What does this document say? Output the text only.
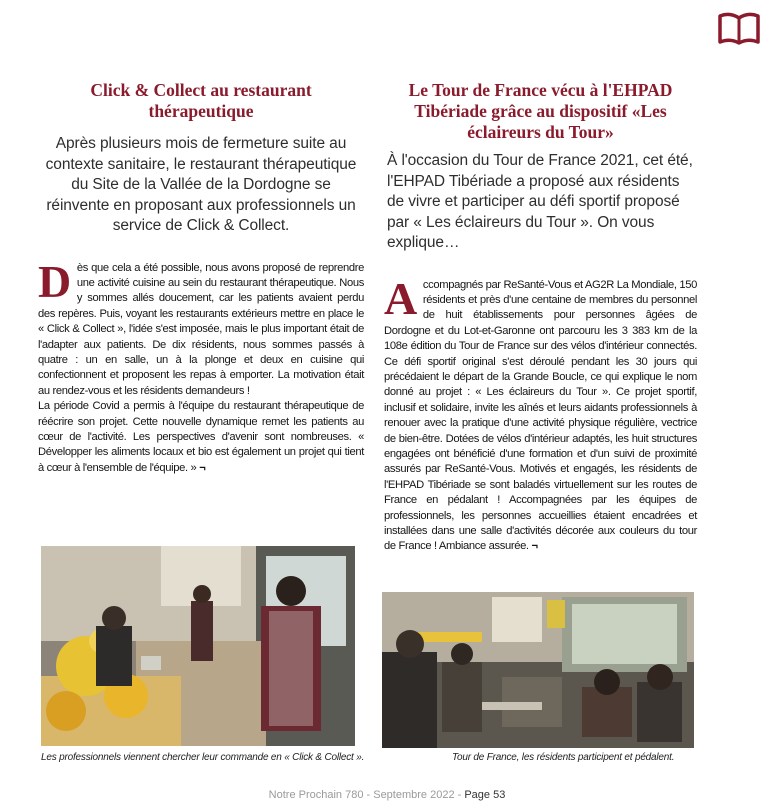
Click & Collect au restaurant thérapeutique

Après plusieurs mois de fermeture suite au contexte sanitaire, le restaurant thérapeutique du Site de la Vallée de la Dordogne se réinvente en proposant aux professionnels un service de Click & Collect.

D ès que cela a été possible, nous avons proposé de reprendre une activité cuisine au sein du restaurant thérapeutique. Nous y sommes allés doucement, car les patients avaient perdu des repères. Puis, voyant les restaurants extérieurs mettre en place le « Click & Collect », l'idée s'est imposée, mais le plus important était de l'adapter aux patients. De dix résidents, nous sommes passés à quatre : un en salle, un à la plonge et deux en cuisine qui confectionnent et proposent les repas à emporter. La motivation était au rendez-vous et les résidents demandeurs !

La période Covid a permis à l'équipe du restaurant thérapeutique de réécrire son projet. Cette nouvelle dynamique remet les patients au cœur de l'activité. Les perspectives d'avenir sont nombreuses. « Développer les aliments locaux et bio est également un projet qui tient à cœur à l'ensemble de l'équipe. » ¬

Les professionnels viennent chercher leur commande en « Click & Collect ».
Le Tour de France vécu à l'EHPAD Tibériade grâce au dispositif «Les éclaireurs du Tour»

À l'occasion du Tour de France 2021, cet été, l'EHPAD Tibériade a proposé aux résidents de vivre et participer au défi sportif proposé par « Les éclaireurs du Tour ». On vous explique…

A ccompagnés par ReSanté-Vous et AG2R La Mondiale, 150 résidents et près d'une centaine de membres du personnel de huit établissements pour personnes âgées de Dordogne et du Lot-et-Garonne ont parcouru les 3 383 km de la 108e édition du Tour de France sur des vélos d'intérieur connectés. Ce défi sportif original s'est déroulé pendant les 30 jours qui précédaient le départ de la Grande Boucle, ce qui explique le nom donné au projet : « Les éclaireurs du Tour ». Ce projet sportif, inclusif et solidaire, invite les aînés et leurs aidants professionnels à renouer avec la pratique d'une activité physique régulière, vectrice de bien-être. Dotées de vélos d'intérieur adaptés, les huit structures engagées ont bénéficié d'une formation et d'un suivi de proximité assurés par ReSanté-Vous. Motivés et engagés, les résidents de l'EHPAD Tibériade se sont baladés virtuellement sur les routes de France en pédalant ! Accompagnées par les équipes de professionnels, les personnes accueillies étaient encadrées et installées dans une salle d'activités décorée aux couleurs du tour de France ! Ambiance assurée. ¬

Tour de France, les résidents participent et pédalent.
Notre Prochain 780 - Septembre 2022 - Page 53
